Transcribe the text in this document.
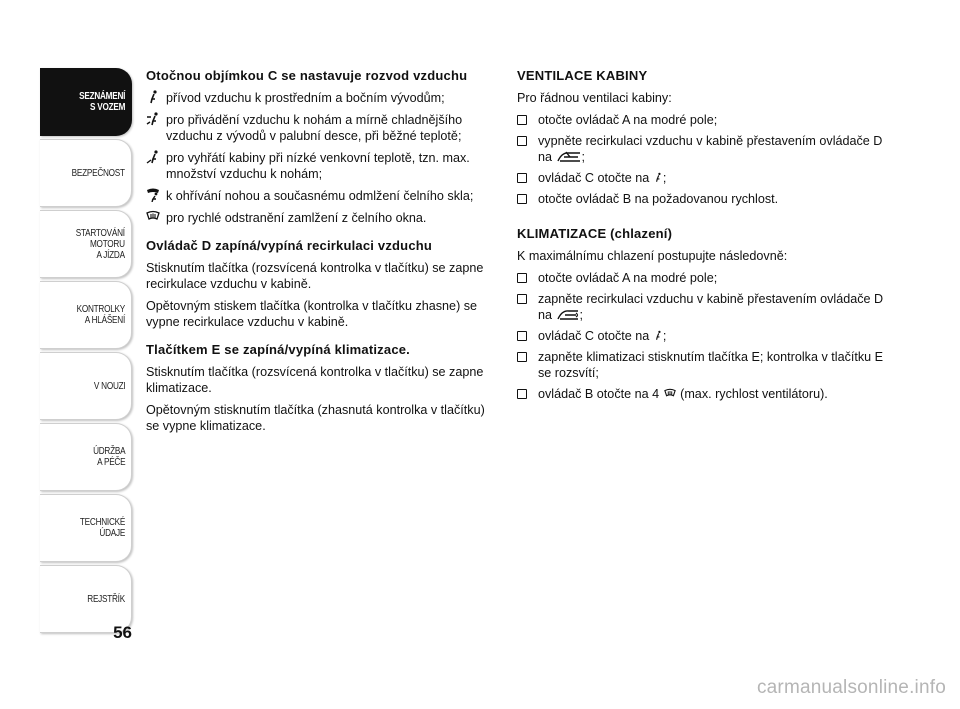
SEZNÁMENÍ
S VOZEM
BEZPEČNOST
STARTOVÁNÍ
MOTORU
A JÍZDA
KONTROLKY
A HLÁŠENÍ
V NOUZI
ÚDRŽBA
A PÉČE
TECHNICKÉ
ÚDAJE
REJSTŘÍK
56
Otočnou objímkou C se nastavuje rozvod vzduchu
přívod vzduchu k prostředním a bočním vývodům;
pro přivádění vzduchu k nohám a mírně chladnějšího vzduchu z vývodů v palubní desce, při běžné teplotě;
pro vyhřátí kabiny při nízké venkovní teplotě, tzn. max. množství vzduchu k nohám;
k ohřívání nohou a současnému odmlžení čelního skla;
pro rychlé odstranění zamlžení z čelního okna.
Ovládač D zapíná/vypíná recirkulaci vzduchu

Stisknutím tlačítka (rozsvícená kontrolka v tlačítku) se zapne recirkulace vzduchu v kabině.

Opětovným stiskem tlačítka (kontrolka v tlačítku zhasne) se vypne recirkulace vzduchu v kabině.

Tlačítkem E se zapíná/vypíná klimatizace.

Stisknutím tlačítka (rozsvícená kontrolka v tlačítku) se zapne klimatizace.

Opětovným stisknutím tlačítka (zhasnutá kontrolka v tlačítku) se vypne klimatizace.

VENTILACE KABINY

Pro řádnou ventilaci kabiny:

otočte ovládač A na modré pole;
vypněte recirkulaci vzduchu v kabině přestavením ovládače D na
;
ovládač C otočte na
;
otočte ovládač B na požadovanou rychlost.
KLIMATIZACE (chlazení)

K maximálnímu chlazení postupujte následovně:

otočte ovládač A na modré pole;
zapněte recirkulaci vzduchu v kabině přestavením ovládače D na
;
ovládač C otočte na
;
zapněte klimatizaci stisknutím tlačítka E; kontrolka v tlačítku E se rozsvítí;
ovládač B otočte na 4
(max. rychlost ventilátoru).
carmanualsonline.info
